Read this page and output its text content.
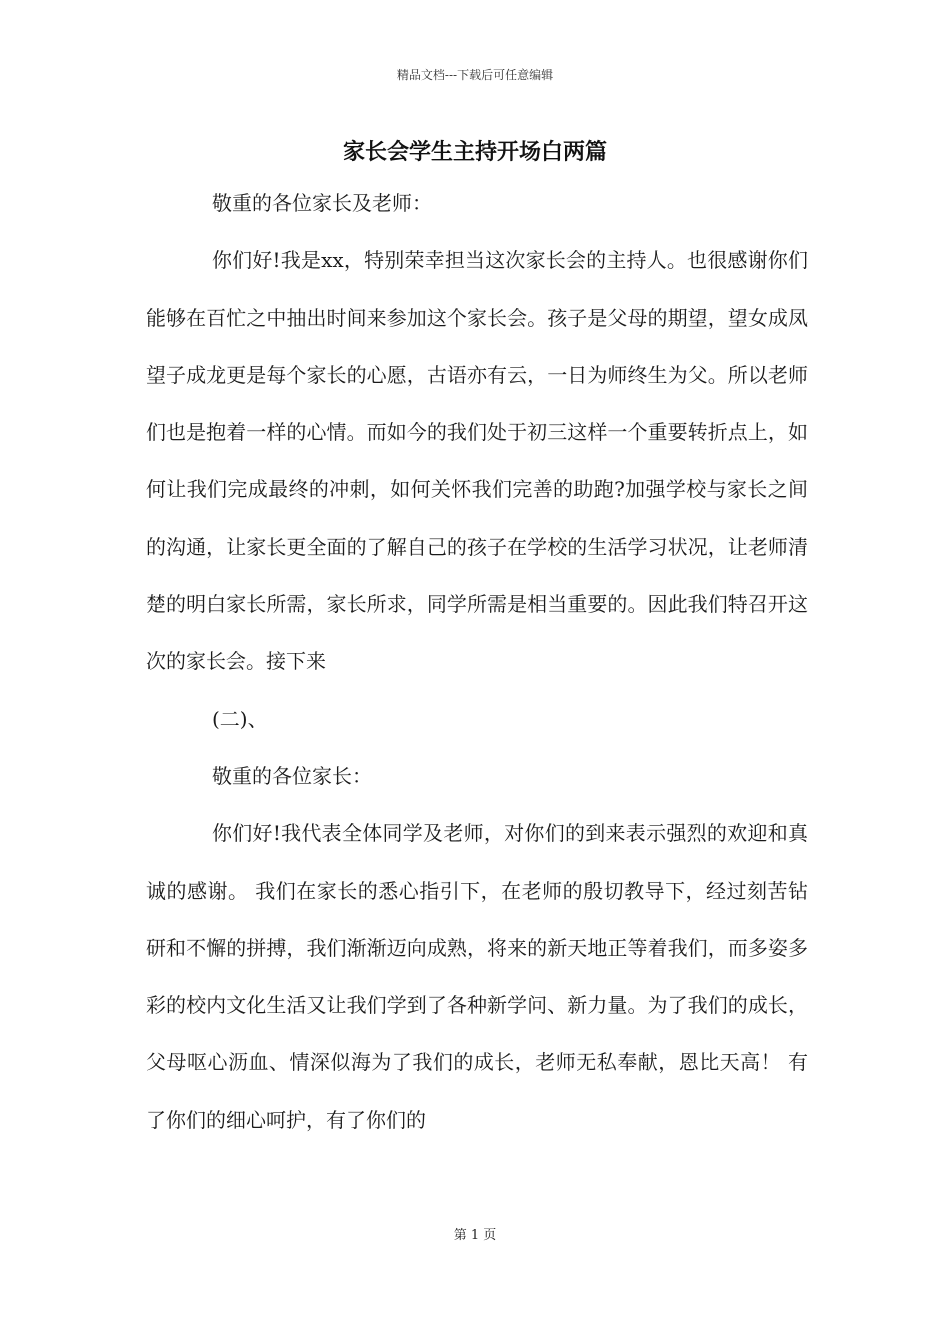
精品文档---下载后可任意编辑
家长会学生主持开场白两篇

敬重的各位家长及老师：

你们好!我是xx，特别荣幸担当这次家长会的主持人。也很感谢你们能够在百忙之中抽出时间来参加这个家长会。孩子是父母的期望，望女成凤望子成龙更是每个家长的心愿，古语亦有云，一日为师终生为父。所以老师们也是抱着一样的心情。而如今的我们处于初三这样一个重要转折点上，如何让我们完成最终的冲刺，如何关怀我们完善的助跑?加强学校与家长之间的沟通，让家长更全面的了解自己的孩子在学校的生活学习状况，让老师清楚的明白家长所需，家长所求，同学所需是相当重要的。因此我们特召开这次的家长会。接下来

(二)、

敬重的各位家长：

你们好!我代表全体同学及老师，对你们的到来表示强烈的欢迎和真诚的感谢。 我们在家长的悉心指引下，在老师的殷切教导下，经过刻苦钻研和不懈的拼搏，我们渐渐迈向成熟，将来的新天地正等着我们，而多姿多彩的校内文化生活又让我们学到了各种新学问、新力量。为了我们的成长，父母呕心沥血、情深似海为了我们的成长，老师无私奉献，恩比天高！ 有了你们的细心呵护，有了你们的

第 1 页
